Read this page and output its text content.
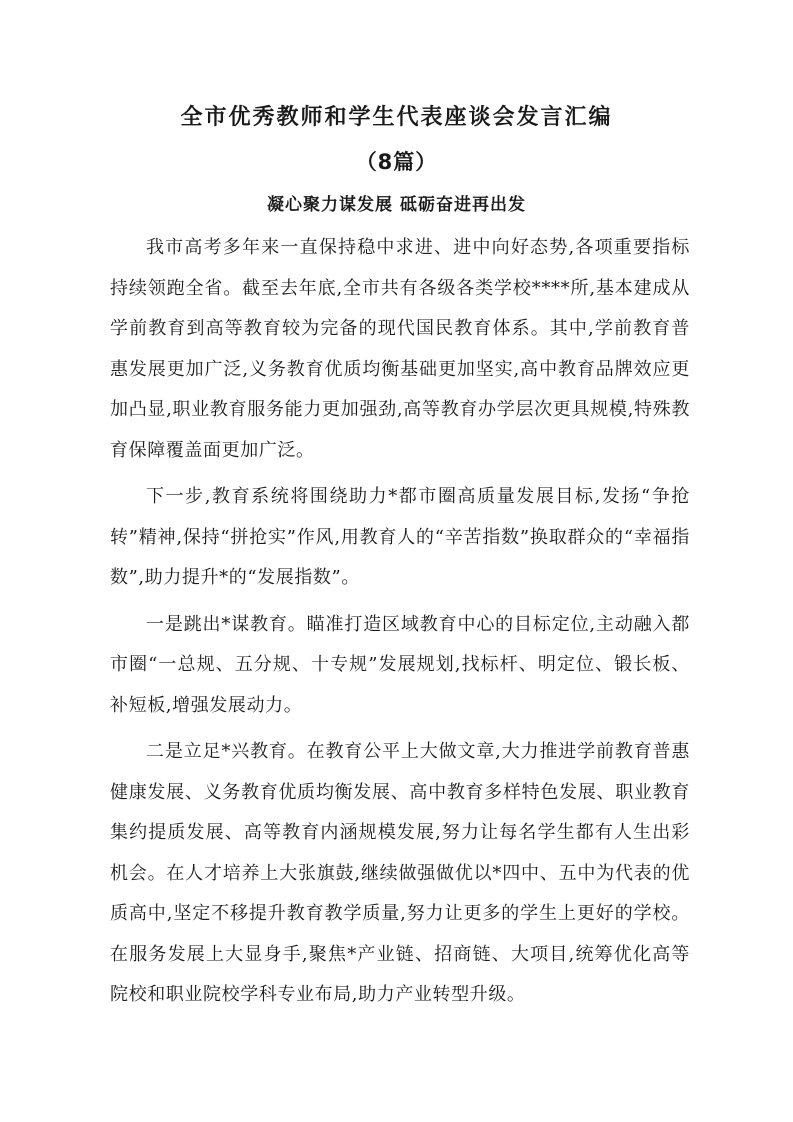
全市优秀教师和学生代表座谈会发言汇编
（8篇）
凝心聚力谋发展 砥砺奋进再出发

我市高考多年来一直保持稳中求进、进中向好态势,各项重要指标持续领跑全省。截至去年底,全市共有各级各类学校****所,基本建成从学前教育到高等教育较为完备的现代国民教育体系。其中,学前教育普惠发展更加广泛,义务教育优质均衡基础更加坚实,高中教育品牌效应更加凸显,职业教育服务能力更加强劲,高等教育办学层次更具规模,特殊教育保障覆盖面更加广泛。

下一步,教育系统将围绕助力*都市圈高质量发展目标,发扬“争抢转”精神,保持“拼抢实”作风,用教育人的“辛苦指数”换取群众的“幸福指数”,助力提升*的“发展指数”。

一是跳出*谋教育。瞄准打造区域教育中心的目标定位,主动融入都市圈“一总规、五分规、十专规”发展规划,找标杆、明定位、锻长板、补短板,增强发展动力。

二是立足*兴教育。在教育公平上大做文章,大力推进学前教育普惠健康发展、义务教育优质均衡发展、高中教育多样特色发展、职业教育集约提质发展、高等教育内涵规模发展,努力让每名学生都有人生出彩机会。在人才培养上大张旗鼓,继续做强做优以*四中、五中为代表的优质高中,坚定不移提升教育教学质量,努力让更多的学生上更好的学校。在服务发展上大显身手,聚焦*产业链、招商链、大项目,统筹优化高等院校和职业院校学科专业布局,助力产业转型升级。
